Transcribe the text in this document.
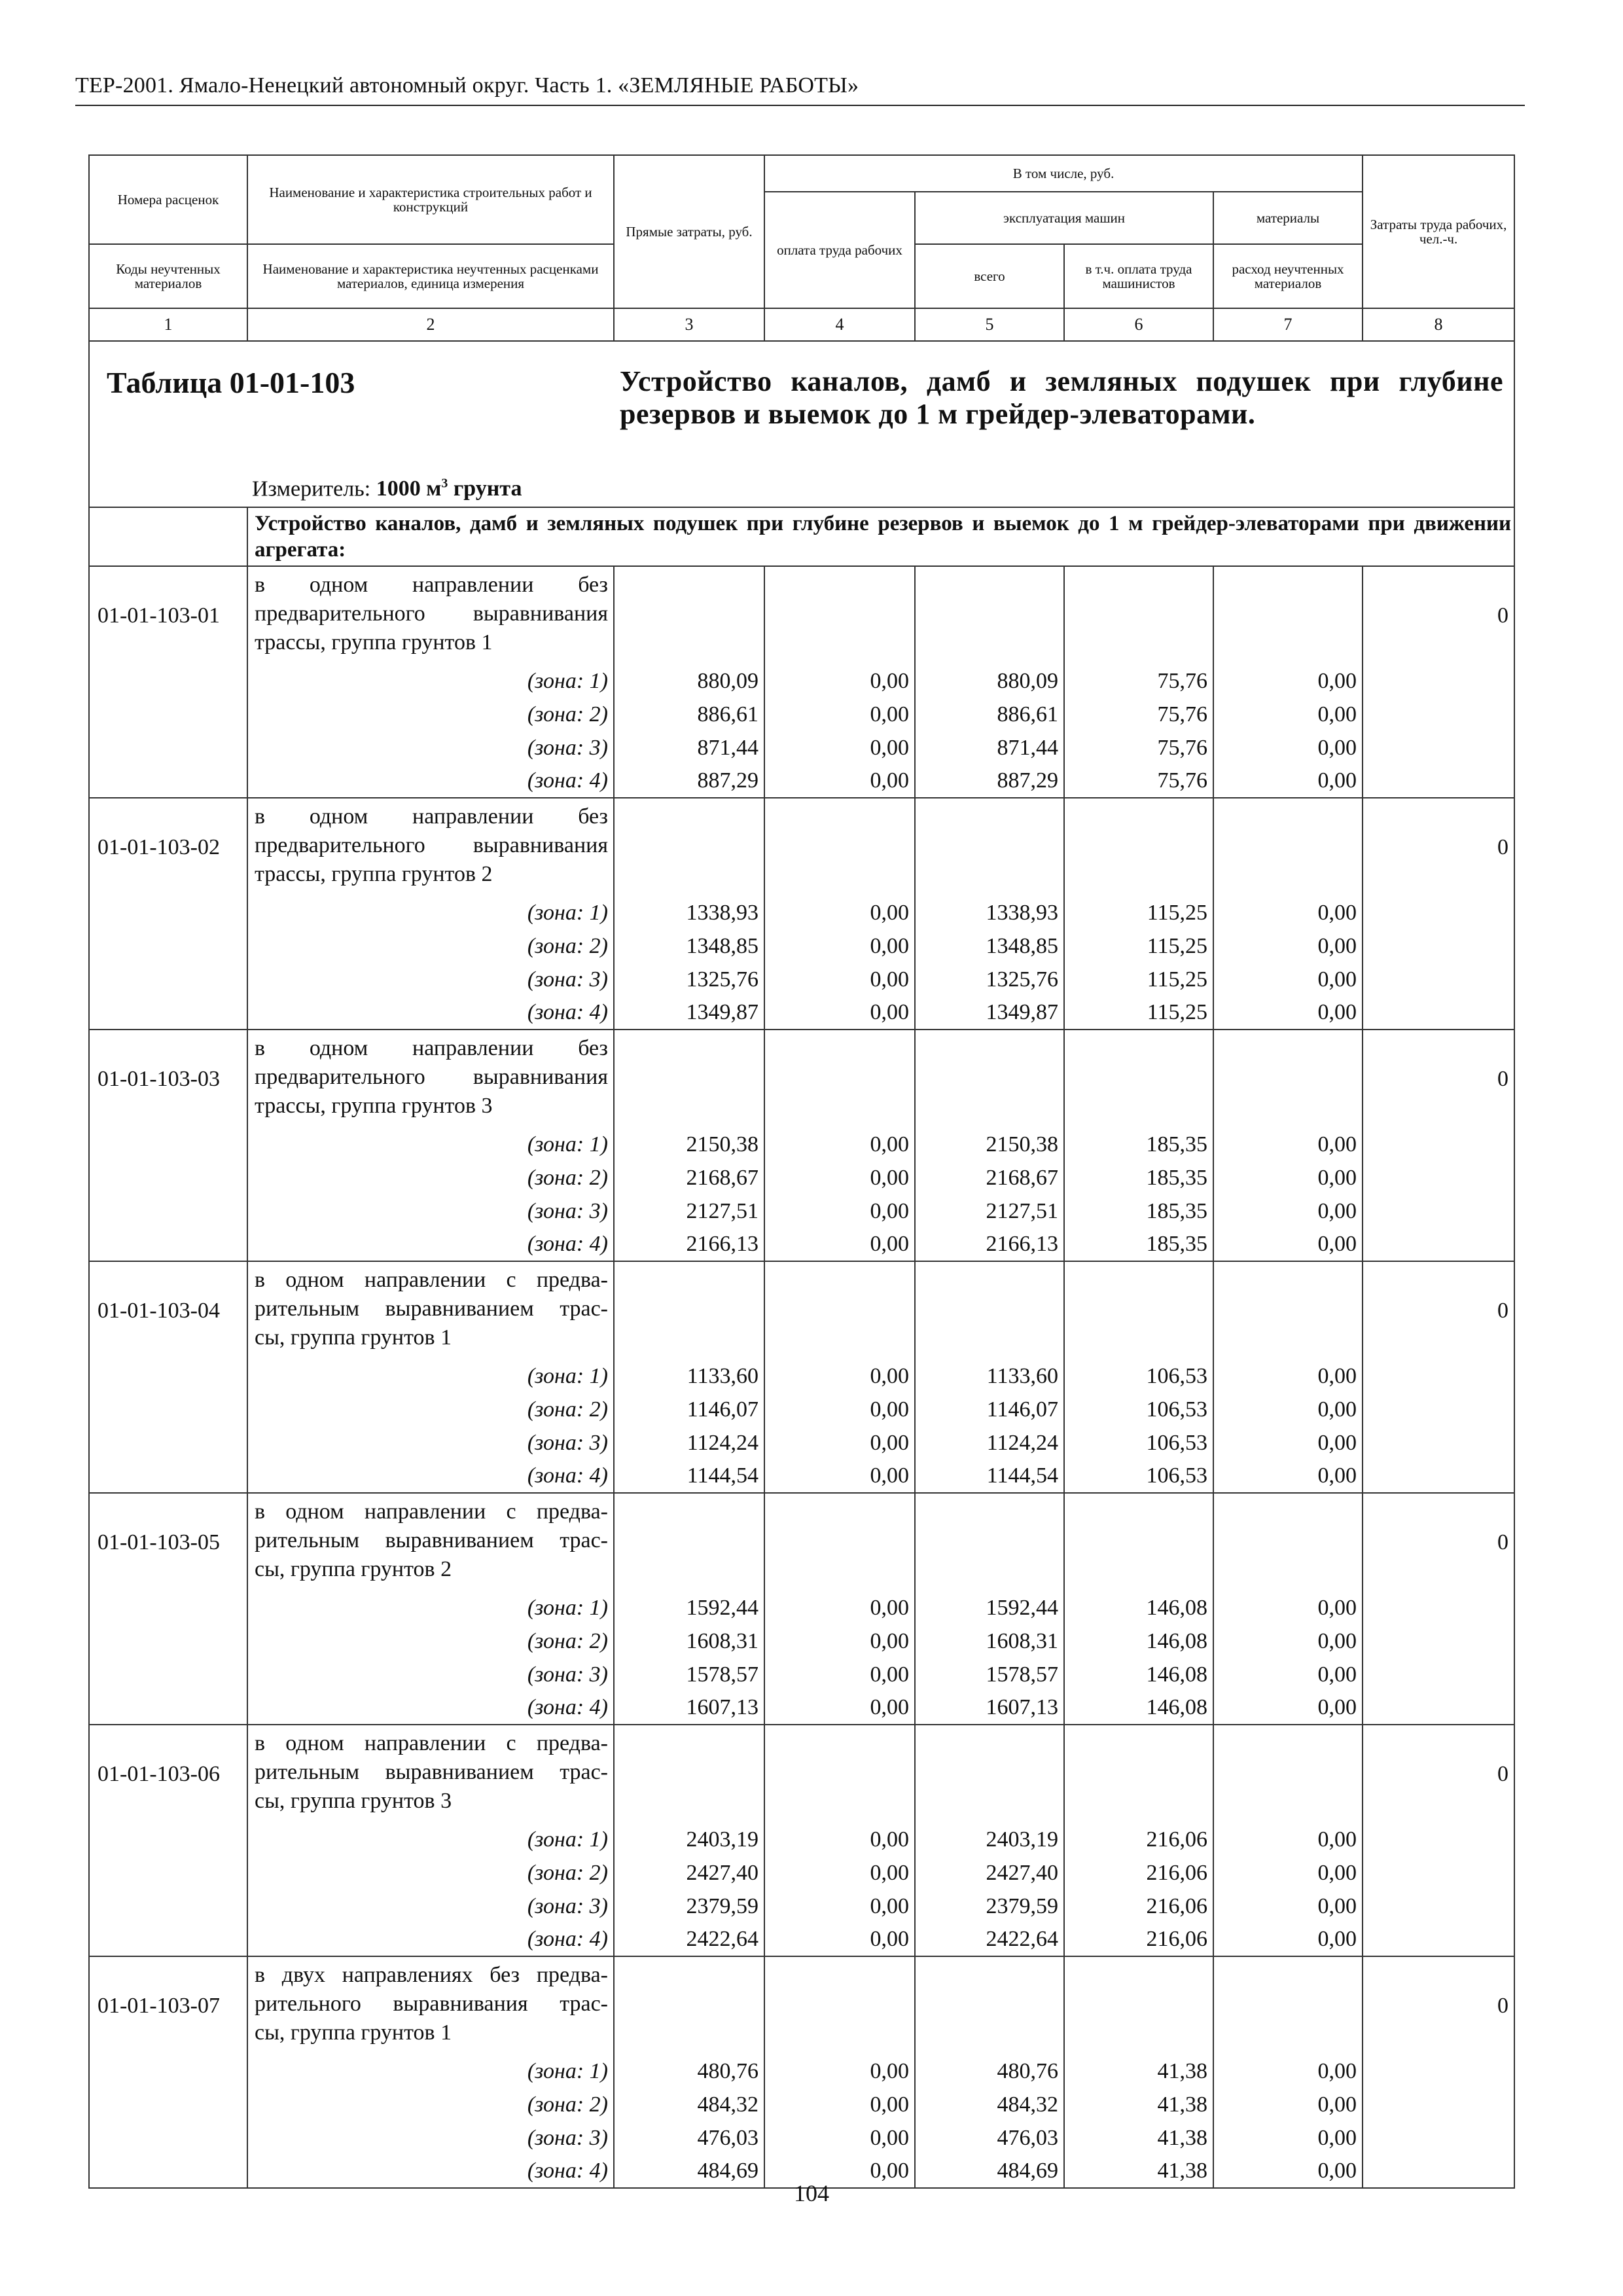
ТЕР-2001. Ямало-Ненецкий автономный округ. Часть 1. «ЗЕМЛЯНЫЕ РАБОТЫ»
Номера расценок	Наименование и характеристика строительных работ и конструкций	Прямые затраты, руб.	В том числе, руб.				Затраты труда рабочих, чел.-ч.
			оплата труда рабочих	эксплуатация машин		материалы	
Коды неучтенных материалов	Наименование и характеристика неучтенных расценками материалов, единица измерения			всего	в т.ч. оплата труда машинистов	расход неучтенных материалов	

1	2	3	4	5	6	7	8

Таблица 01-01-103 Устройство каналов, дамб и земляных подушек при глубине резервов и выемок до 1 м грейдер-элеваторами.
Измеритель: 1000 $м^3$ грунта							

	Устройство каналов, дамб и земляных подушек при глубине резервов и выемок до 1 м грейдер-элеваторами при движении агрегата:						

01-01-103-01	в одном направлении без
предварительного выравнивания
трассы, группа грунтов 1						0
	(зона: 1)	880,09	0,00	880,09	75,76	0,00	
	(зона: 2)	886,61	0,00	886,61	75,76	0,00	
	(зона: 3)	871,44	0,00	871,44	75,76	0,00	
	(зона: 4)	887,29	0,00	887,29	75,76	0,00	
01-01-103-02	в одном направлении без
предварительного выравнивания
трассы, группа грунтов 2						0
	(зона: 1)	1338,93	0,00	1338,93	115,25	0,00	
	(зона: 2)	1348,85	0,00	1348,85	115,25	0,00	
	(зона: 3)	1325,76	0,00	1325,76	115,25	0,00	
	(зона: 4)	1349,87	0,00	1349,87	115,25	0,00	
01-01-103-03	в одном направлении без
предварительного выравнивания
трассы, группа грунтов 3						0
	(зона: 1)	2150,38	0,00	2150,38	185,35	0,00	
	(зона: 2)	2168,67	0,00	2168,67	185,35	0,00	
	(зона: 3)	2127,51	0,00	2127,51	185,35	0,00	
	(зона: 4)	2166,13	0,00	2166,13	185,35	0,00	
01-01-103-04	в одном направлении с предва-
рительным выравниванием трас-
сы, группа грунтов 1						0
	(зона: 1)	1133,60	0,00	1133,60	106,53	0,00	
	(зона: 2)	1146,07	0,00	1146,07	106,53	0,00	
	(зона: 3)	1124,24	0,00	1124,24	106,53	0,00	
	(зона: 4)	1144,54	0,00	1144,54	106,53	0,00	
01-01-103-05	в одном направлении с предва-
рительным выравниванием трас-
сы, группа грунтов 2						0
	(зона: 1)	1592,44	0,00	1592,44	146,08	0,00	
	(зона: 2)	1608,31	0,00	1608,31	146,08	0,00	
	(зона: 3)	1578,57	0,00	1578,57	146,08	0,00	
	(зона: 4)	1607,13	0,00	1607,13	146,08	0,00	
01-01-103-06	в одном направлении с предва-
рительным выравниванием трас-
сы, группа грунтов 3						0
	(зона: 1)	2403,19	0,00	2403,19	216,06	0,00	
	(зона: 2)	2427,40	0,00	2427,40	216,06	0,00	
	(зона: 3)	2379,59	0,00	2379,59	216,06	0,00	
	(зона: 4)	2422,64	0,00	2422,64	216,06	0,00	
01-01-103-07	в двух направлениях без предва-
рительного выравнивания трас-
сы, группа грунтов 1						0
	(зона: 1)	480,76	0,00	480,76	41,38	0,00	
	(зона: 2)	484,32	0,00	484,32	41,38	0,00	
	(зона: 3)	476,03	0,00	476,03	41,38	0,00	
	(зона: 4)	484,69	0,00	484,69	41,38	0,00	
104
